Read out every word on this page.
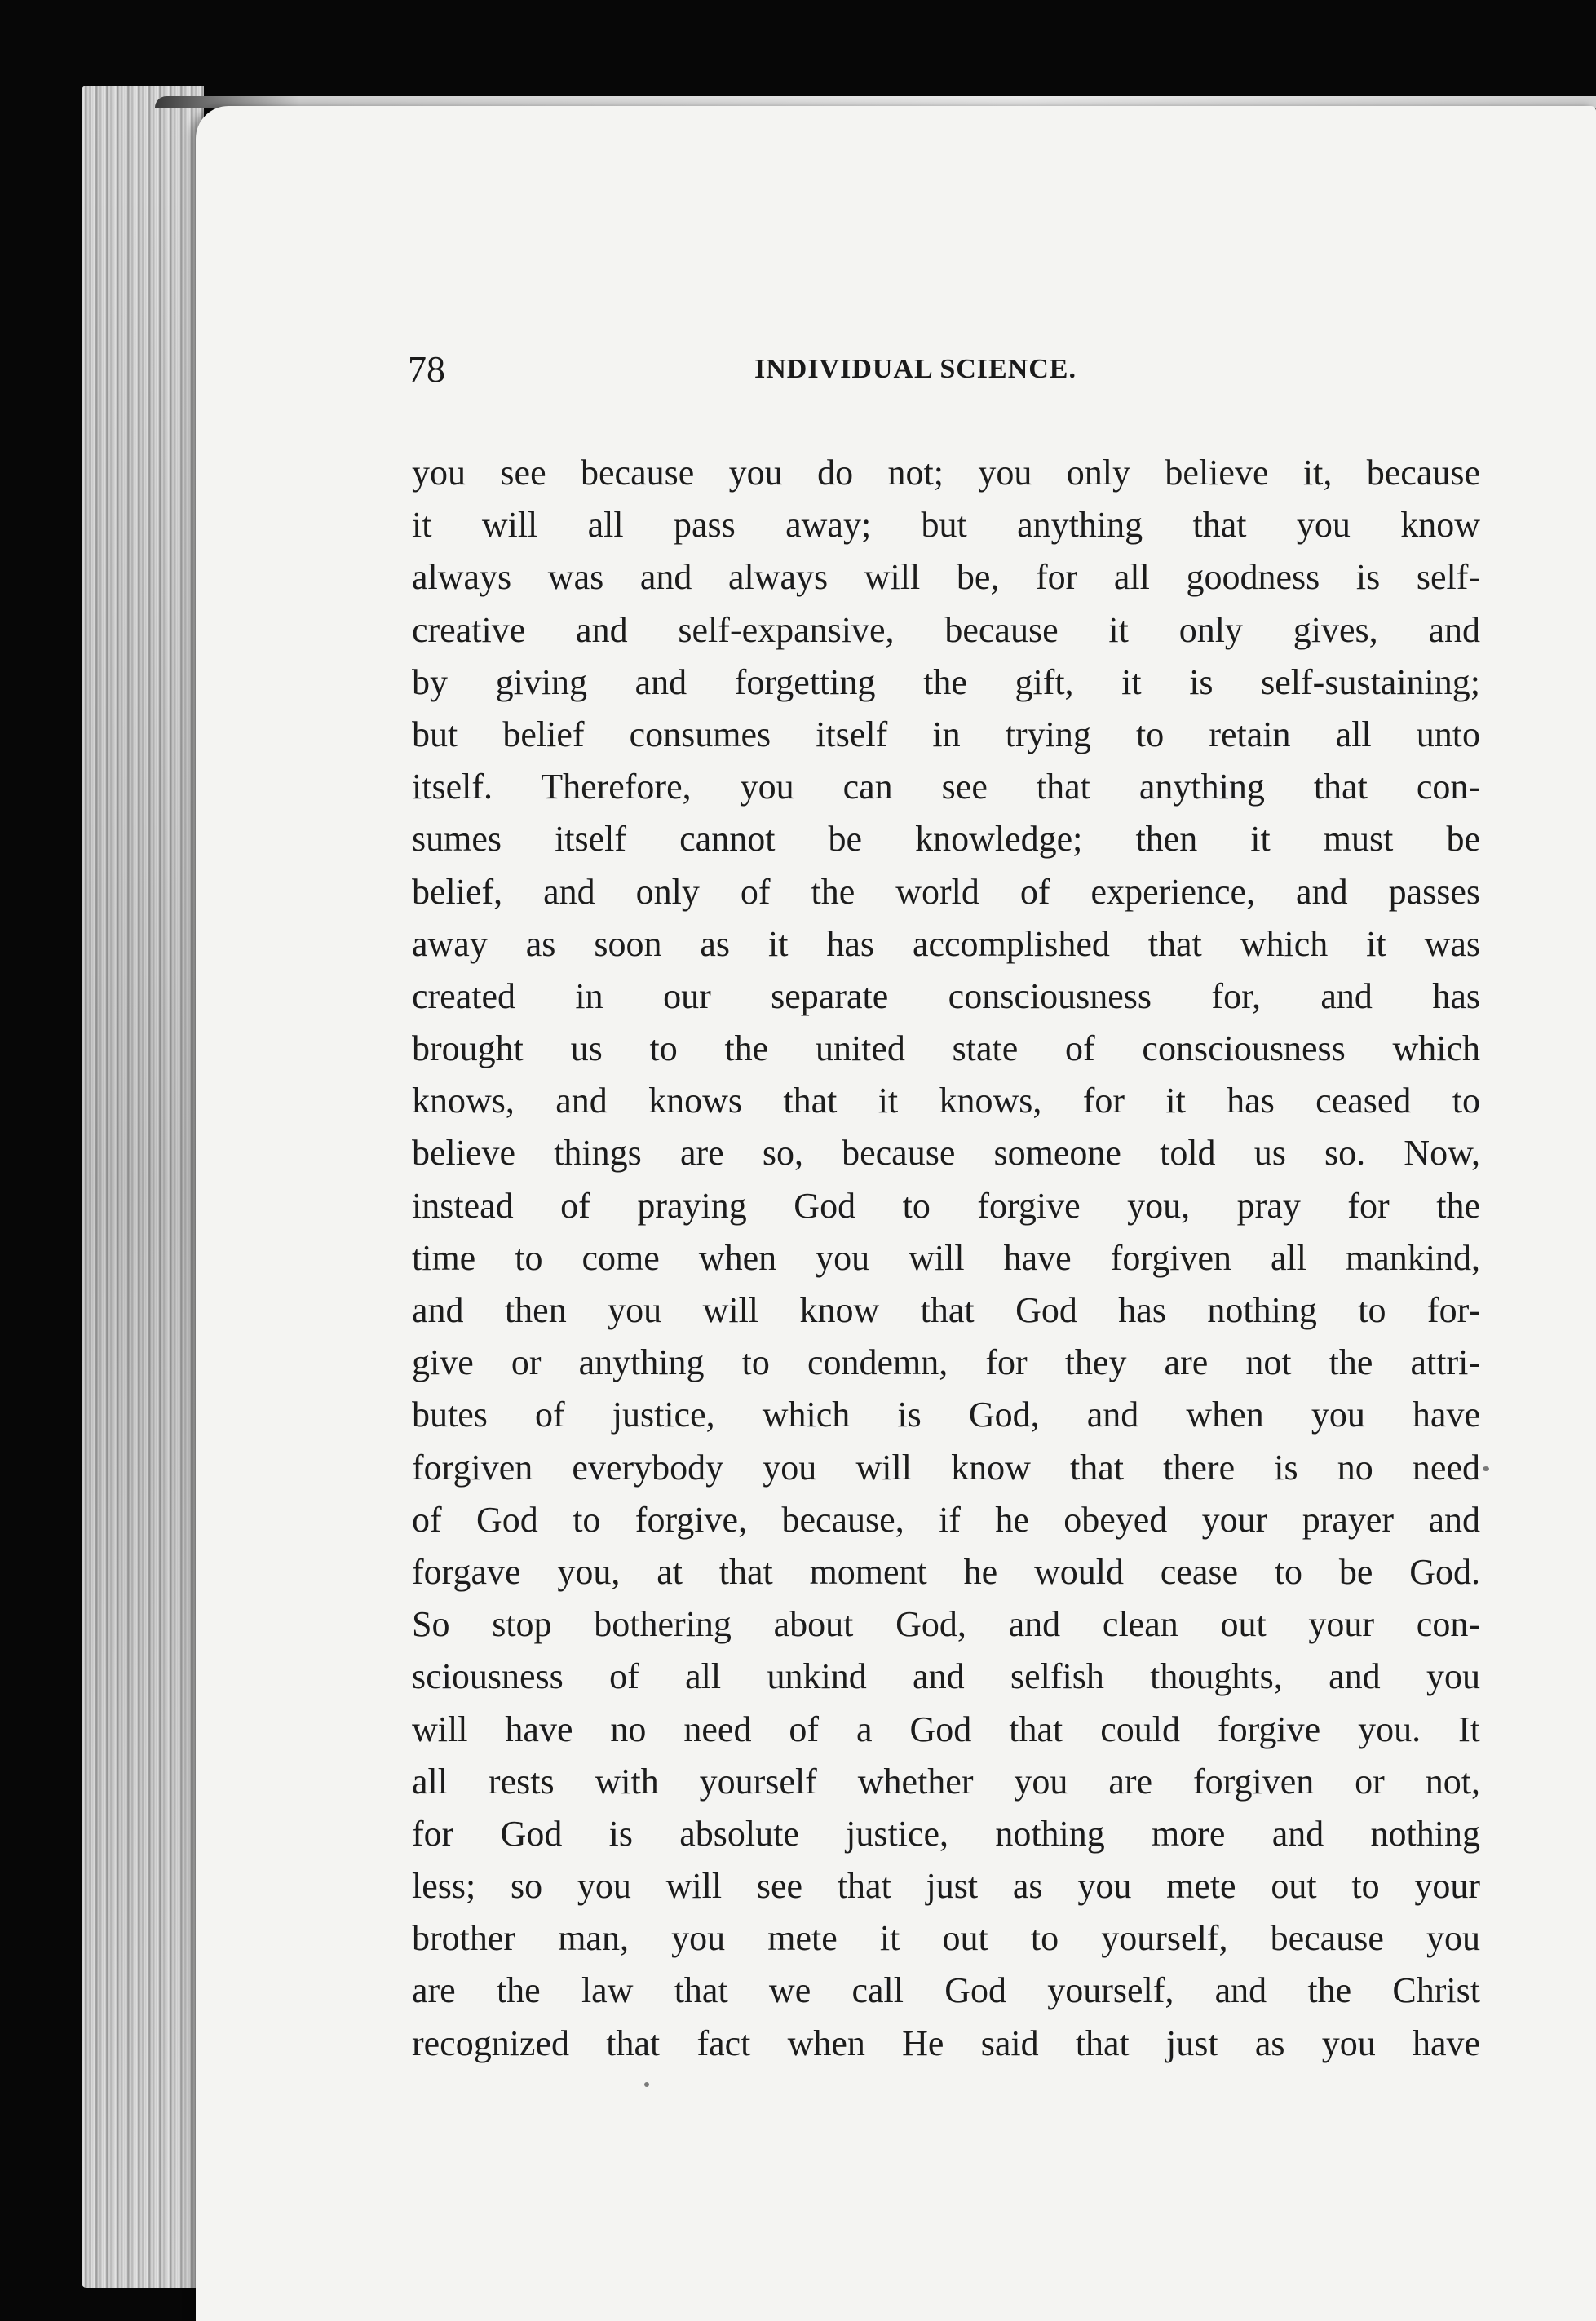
78	INDIVIDUAL SCIENCE.
you see because you do not; you only believe it, because
it will all pass away; but anything that you know
always was and always will be, for all goodness is self-
creative and self-expansive, because it only gives, and
by giving and forgetting the gift, it is self-sustaining;
but belief consumes itself in trying to retain all unto
itself. Therefore, you can see that anything that con-
sumes itself cannot be knowledge; then it must be
belief, and only of the world of experience, and passes
away as soon as it has accomplished that which it was
created in our separate consciousness for, and has
brought us to the united state of consciousness which
knows, and knows that it knows, for it has ceased to
believe things are so, because someone told us so. Now,
instead of praying God to forgive you, pray for the
time to come when you will have forgiven all mankind,
and then you will know that God has nothing to for-
give or anything to condemn, for they are not the attri-
butes of justice, which is God, and when you have
forgiven everybody you will know that there is no need
of God to forgive, because, if he obeyed your prayer and
forgave you, at that moment he would cease to be God.
So stop bothering about God, and clean out your con-
sciousness of all unkind and selfish thoughts, and you
will have no need of a God that could forgive you. It
all rests with yourself whether you are forgiven or not,
for God is absolute justice, nothing more and nothing
less; so you will see that just as you mete out to your
brother man, you mete it out to yourself, because you
are the law that we call God yourself, and the Christ
recognized that fact when He said that just as you have
